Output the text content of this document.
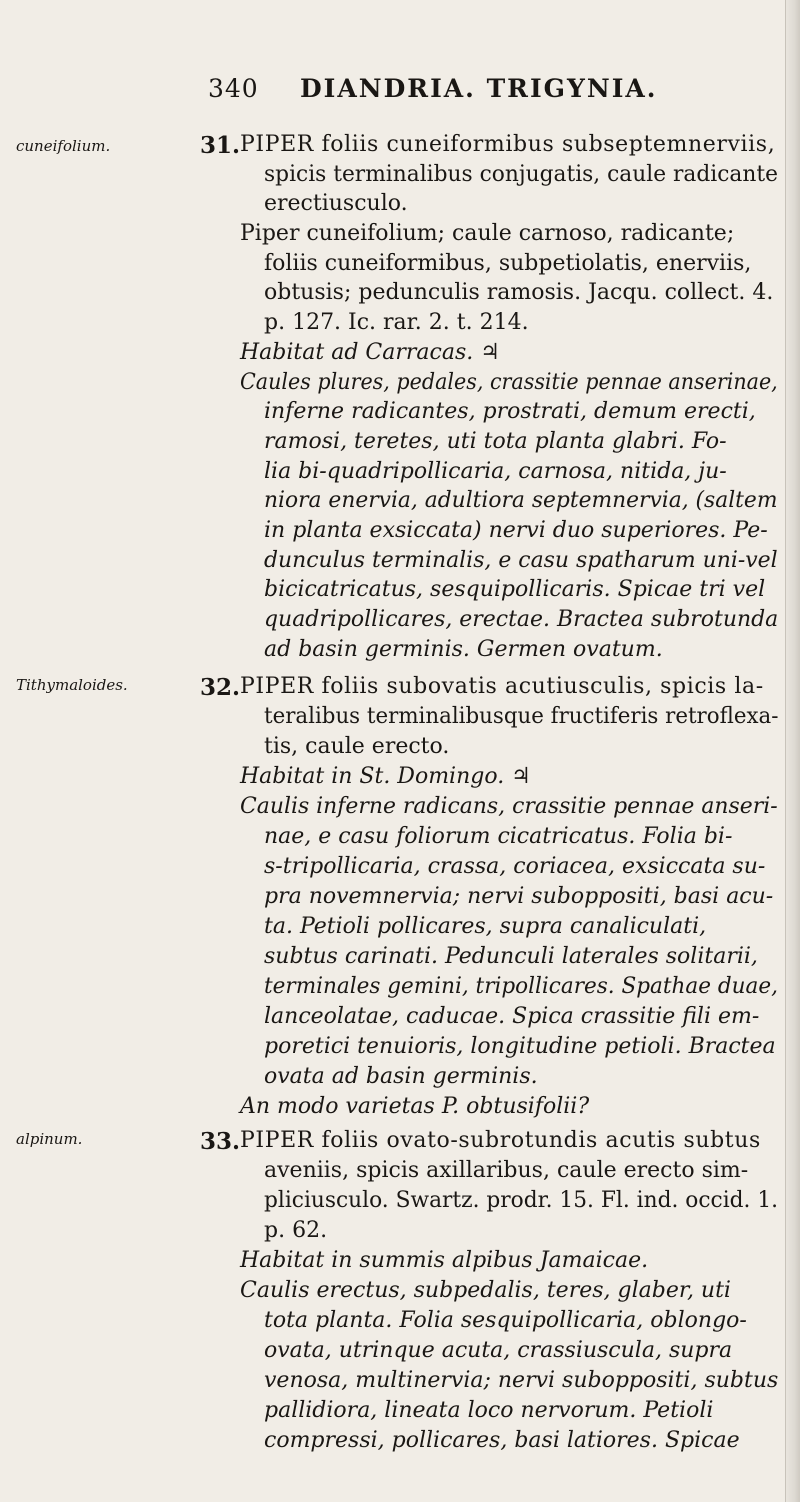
340 DIANDRIA. TRIGYNIA.
cuneifolium.	31. PIPER foliis cuneiformibus subseptemnerviis,
spicis terminalibus conjugatis, caule radicante
erectiusculo.
Piper cuneifolium; caule carnoso, radicante;
foliis cuneiformibus, subpetiolatis, enerviis,
obtusis; pedunculis ramosis. Jacqu. collect. 4.
p. 127. Ic. rar. 2. t. 214.
Habitat ad Carracas. ♃
Caules plures, pedales, crassitie pennae anserinae,
inferne radicantes, prostrati, demum erecti,
ramosi, teretes, uti tota planta glabri. Fo-
lia bi-quadripollicaria, carnosa, nitida, ju-
niora enervia, adultiora septemnervia, (saltem
in planta exsiccata) nervi duo superiores. Pe-
dunculus terminalis, e casu spatharum uni-vel
bicicatricatus, sesquipollicaris. Spicae tri vel
quadripollicares, erectae. Bractea subrotunda
ad basin germinis. Germen ovatum.
Tithymaloides.	32. PIPER foliis subovatis acutiusculis, spicis la-
teralibus terminalibusque fructiferis retroflexa-
tis, caule erecto.
Habitat in St. Domingo. ♃
Caulis inferne radicans, crassitie pennae anseri-
nae, e casu foliorum cicatricatus. Folia bi-
s-tripollicaria, crassa, coriacea, exsiccata su-
pra novemnervia; nervi suboppositi, basi acu-
ta. Petioli pollicares, supra canaliculati,
subtus carinati. Pedunculi laterales solitarii,
terminales gemini, tripollicares. Spathae duae,
lanceolatae, caducae. Spica crassitie fili em-
poretici tenuioris, longitudine petioli. Bractea
ovata ad basin germinis.
An modo varietas P. obtusifolii?
alpinum.	33. PIPER foliis ovato-subrotundis acutis subtus
aveniis, spicis axillaribus, caule erecto sim-
pliciusculo. Swartz. prodr. 15. Fl. ind. occid. 1.
p. 62.
Habitat in summis alpibus Jamaicae.
Caulis erectus, subpedalis, teres, glaber, uti
tota planta. Folia sesquipollicaria, oblongo-
ovata, utrinque acuta, crassiuscula, supra
venosa, multinervia; nervi suboppositi, subtus
pallidiora, lineata loco nervorum. Petioli
compressi, pollicares, basi latiores. Spicae
